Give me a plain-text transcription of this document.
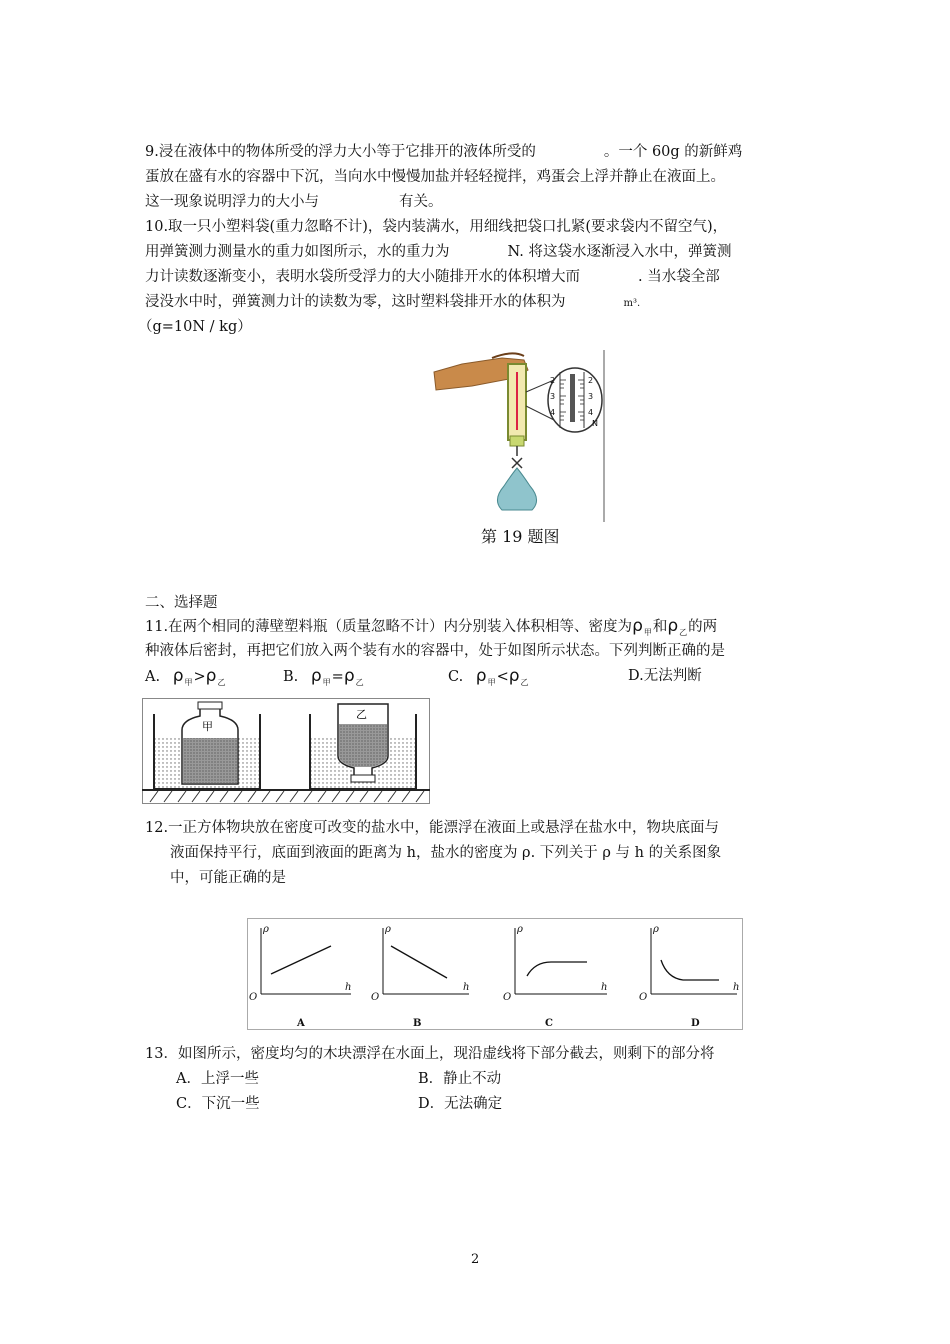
9.浸在液体中的物体所受的浮力大小等于它排开的液体所受的	。一个 60g 的新鲜鸡
蛋放在盛有水的容器中下沉，当向水中慢慢加盐并轻轻搅拌，鸡蛋会上浮并静止在液面上。
这一现象说明浮力的大小与	有关。
10.取一只小塑料袋(重力忽略不计)，袋内装满水，用细线把袋口扎紧(要求袋内不留空气)，
用弹簧测力测量水的重力如图所示，水的重力为	N. 将这袋水逐渐浸入水中，弹簧测
力计读数逐渐变小，表明水袋所受浮力的大小随排开水的体积增大而	. 当水袋全部
浸没水中时，弹簧测力计的读数为零，这时塑料袋排开水的体积为	m³.
（g=10N / kg）
2
3
4
2
3
4
N
第 19 题图
二、选择题
11.在两个相同的薄壁塑料瓶（质量忽略不计）内分别装入体积相等、密度为$\rho_甲$和$\rho_乙$的两
种液体后密封，再把它们放入两个装有水的容器中，处于如图所示状态。下列判断正确的是
A. $\rho_甲>\rho_乙$	B. $\rho_甲=\rho_乙$	C. $\rho_甲<\rho_乙$	D.无法判断
甲
乙
12.一正方体物块放在密度可改变的盐水中，能漂浮在液面上或悬浮在盐水中，物块底面与
液面保持平行，底面到液面的距离为 h，盐水的密度为 ρ. 下列关于 ρ 与 h 的关系图象
中，可能正确的是
ρ
h
O
A
ρ
h
O
B
ρ
h
O
C
ρ
h
O
D
13．如图所示，密度均匀的木块漂浮在水面上，现沿虚线将下部分截去，则剩下的部分将
A．上浮一些	B．静止不动
C．下沉一些	D．无法确定
2
